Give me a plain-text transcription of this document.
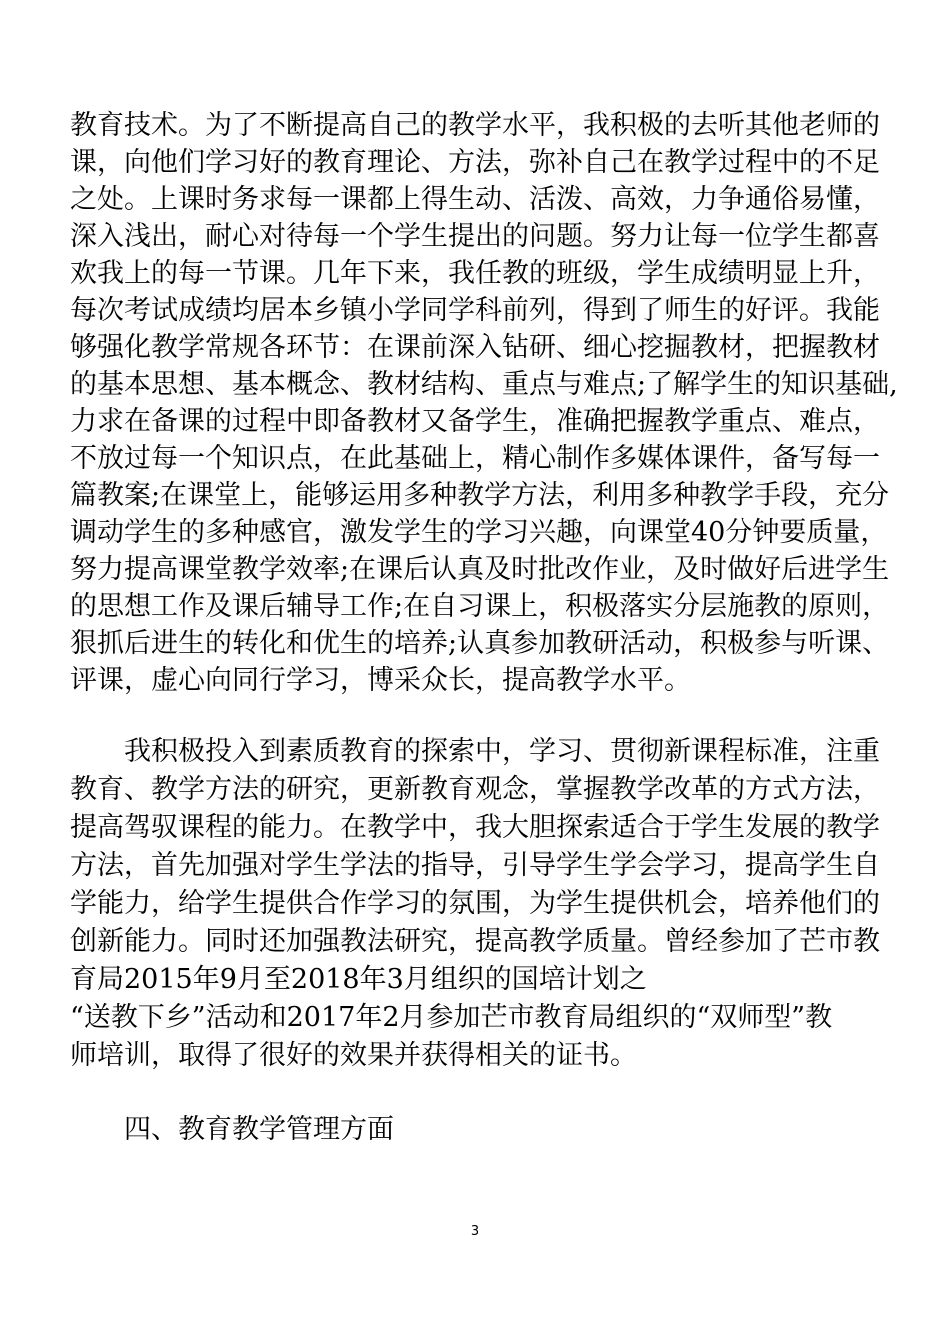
教育技术。为了不断提高自己的教学水平，我积极的去听其他老师的
课，向他们学习好的教育理论、方法，弥补自己在教学过程中的不足
之处。上课时务求每一课都上得生动、活泼、高效，力争通俗易懂，
深入浅出，耐心对待每一个学生提出的问题。努力让每一位学生都喜
欢我上的每一节课。几年下来，我任教的班级，学生成绩明显上升，
每次考试成绩均居本乡镇小学同学科前列，得到了师生的好评。我能
够强化教学常规各环节：在课前深入钻研、细心挖掘教材，把握教材
的基本思想、基本概念、教材结构、重点与难点;了解学生的知识基础,
力求在备课的过程中即备教材又备学生，准确把握教学重点、难点，
不放过每一个知识点，在此基础上，精心制作多媒体课件，备写每一
篇教案;在课堂上，能够运用多种教学方法，利用多种教学手段，充分
调动学生的多种感官，激发学生的学习兴趣，向课堂40分钟要质量，
努力提高课堂教学效率;在课后认真及时批改作业，及时做好后进学生
的思想工作及课后辅导工作;在自习课上，积极落实分层施教的原则，
狠抓后进生的转化和优生的培养;认真参加教研活动，积极参与听课、
评课，虚心向同行学习，博采众长，提高教学水平。
我积极投入到素质教育的探索中，学习、贯彻新课程标准，注重
教育、教学方法的研究，更新教育观念，掌握教学改革的方式方法，
提高驾驭课程的能力。在教学中，我大胆探索适合于学生发展的教学
方法，首先加强对学生学法的指导，引导学生学会学习，提高学生自
学能力，给学生提供合作学习的氛围，为学生提供机会，培养他们的
创新能力。同时还加强教法研究，提高教学质量。曾经参加了芒市教
育局2015年9月至2018年3月组织的国培计划之
“送教下乡”活动和2017年2月参加芒市教育局组织的“双师型”教
师培训，取得了很好的效果并获得相关的证书。
四、教育教学管理方面
3
